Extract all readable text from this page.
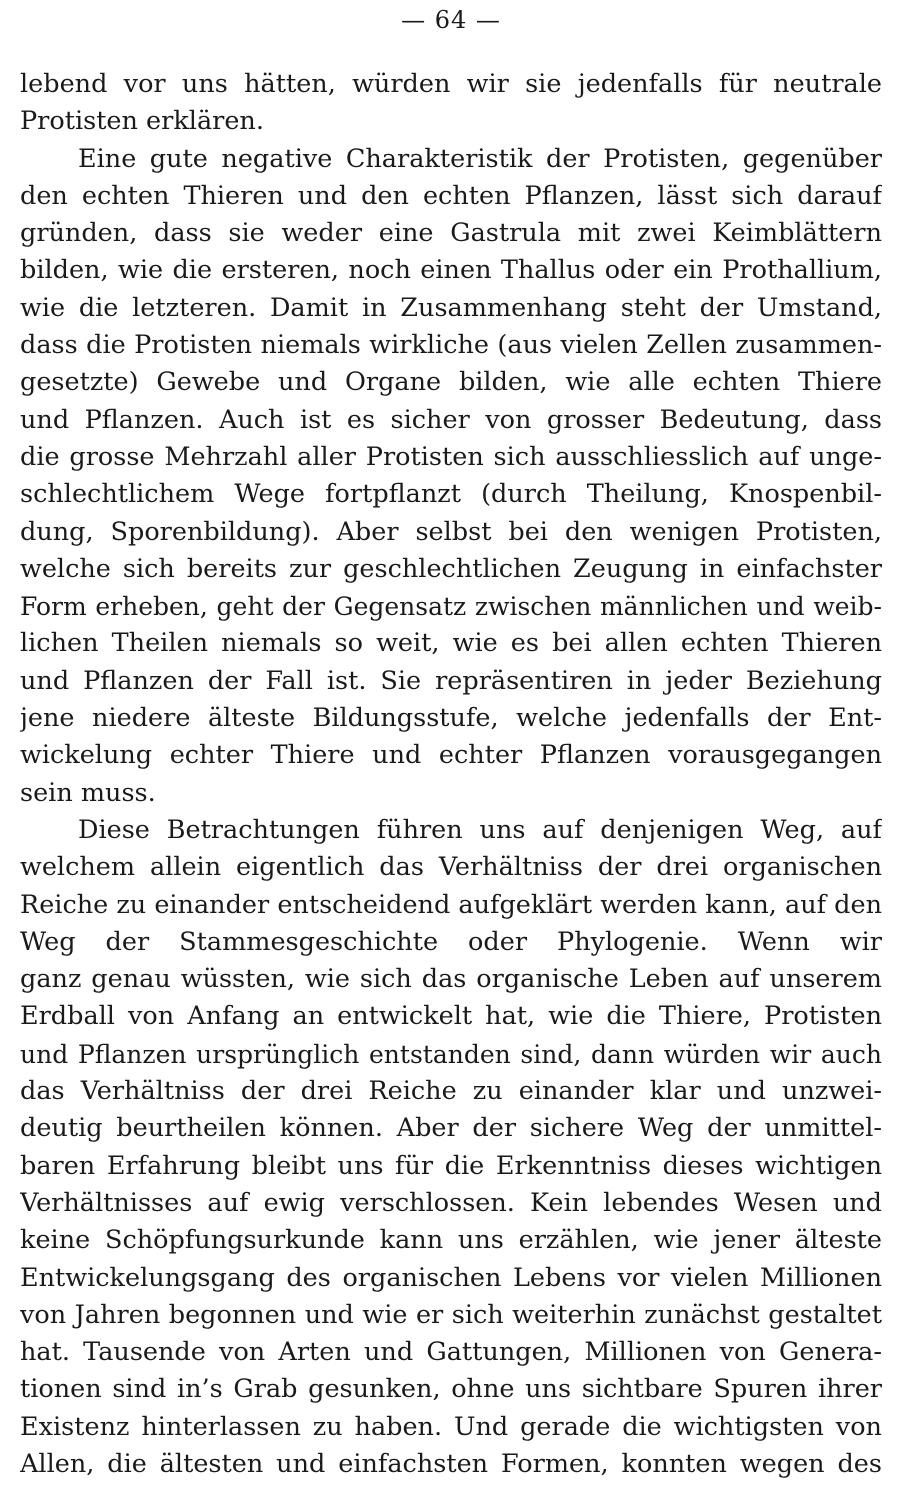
— 64 —
lebend vor uns hätten, würden wir sie jedenfalls für neutrale
Protisten erklären.
Eine gute negative Charakteristik der Protisten, gegenüber
den echten Thieren und den echten Pflanzen, lässt sich darauf
gründen, dass sie weder eine Gastrula mit zwei Keimblättern
bilden, wie die ersteren, noch einen Thallus oder ein Prothallium,
wie die letzteren. Damit in Zusammenhang steht der Umstand,
dass die Protisten niemals wirkliche (aus vielen Zellen zusammen-
gesetzte) Gewebe und Organe bilden, wie alle echten Thiere
und Pflanzen. Auch ist es sicher von grosser Bedeutung, dass
die grosse Mehrzahl aller Protisten sich ausschliesslich auf unge-
schlechtlichem Wege fortpflanzt (durch Theilung, Knospenbil-
dung, Sporenbildung). Aber selbst bei den wenigen Protisten,
welche sich bereits zur geschlechtlichen Zeugung in einfachster
Form erheben, geht der Gegensatz zwischen männlichen und weib-
lichen Theilen niemals so weit, wie es bei allen echten Thieren
und Pflanzen der Fall ist. Sie repräsentiren in jeder Beziehung
jene niedere älteste Bildungsstufe, welche jedenfalls der Ent-
wickelung echter Thiere und echter Pflanzen vorausgegangen
sein muss.
Diese Betrachtungen führen uns auf denjenigen Weg, auf
welchem allein eigentlich das Verhältniss der drei organischen
Reiche zu einander entscheidend aufgeklärt werden kann, auf den
Weg der Stammesgeschichte oder Phylogenie. Wenn wir
ganz genau wüssten, wie sich das organische Leben auf unserem
Erdball von Anfang an entwickelt hat, wie die Thiere, Protisten
und Pflanzen ursprünglich entstanden sind, dann würden wir auch
das Verhältniss der drei Reiche zu einander klar und unzwei-
deutig beurtheilen können. Aber der sichere Weg der unmittel-
baren Erfahrung bleibt uns für die Erkenntniss dieses wichtigen
Verhältnisses auf ewig verschlossen. Kein lebendes Wesen und
keine Schöpfungsurkunde kann uns erzählen, wie jener älteste
Entwickelungsgang des organischen Lebens vor vielen Millionen
von Jahren begonnen und wie er sich weiterhin zunächst gestaltet
hat. Tausende von Arten und Gattungen, Millionen von Genera-
tionen sind in’s Grab gesunken, ohne uns sichtbare Spuren ihrer
Existenz hinterlassen zu haben. Und gerade die wichtigsten von
Allen, die ältesten und einfachsten Formen, konnten wegen des
